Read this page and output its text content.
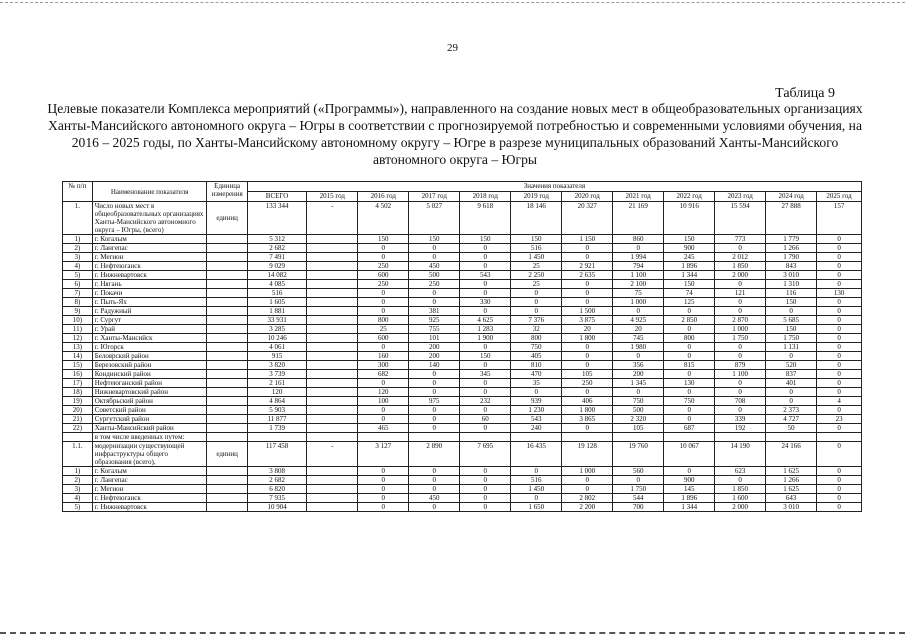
29
Таблица 9
Целевые показатели Комплекса мероприятий («Программы»), направленного на создание новых мест в общеобразовательных организациях Ханты-Мансийского автономного округа – Югры в соответствии с прогнозируемой потребностью и современными условиями обучения, на 2016 – 2025 годы, по Ханты-Мансийскому автономному округу – Югре в разрезе муниципальных образований Ханты-Мансийского автономного округа – Югры
№ п/п	Наименование показателя	Единица измерения	Значения показателя											
			ВСЕГО	2015 год	2016 год	2017 год	2018 год	2019 год	2020 год	2021 год	2022 год	2023 год	2024 год	2025 год
1.	Число новых мест в общеобразовательных организациях Ханты-Мансийского автономного округа – Югры, (всего)	единиц	133 344	-	4 502	5 027	9 618	18 146	20 327	21 169	10 916	15 594	27 888	157
1)	г. Когалым		5 312		150	150	150	150	1 150	860	150	773	1 779	0
2)	г. Лангепас		2 682		0	0	0	516	0	0	900	0	1 266	0
3)	г. Мегион		7 491		0	0	0	1 450	0	1 994	245	2 012	1 790	0
4)	г. Нефтеюганск		9 029		250	450	0	25	2 921	794	1 896	1 850	843	0
5)	г. Нижневартовск		14 082		600	500	543	2 250	2 635	1 100	1 344	2 000	3 010	0
6)	г. Нягань		4 085		250	250	0	25	0	2 100	150	0	1 310	0
7)	г. Покачи		516		0	0	0	0	0	75	74	121	116	130
8)	г. Пыть-Ях		1 605		0	0	330	0	0	1 000	125	0	150	0
9)	г. Радужный		1 881		0	381	0	0	1 500	0	0	0	0	0
10)	г. Сургут		33 931		800	925	4 625	7 376	3 875	4 925	2 850	2 870	5 685	0
11)	г. Урай		3 285		25	755	1 283	32	20	20	0	1 000	150	0
12)	г. Ханты-Мансийск		10 246		600	101	1 900	800	1 800	745	800	1 750	1 750	0
13)	г. Югорск		4 061		0	200	0	750	0	1 980	0	0	1 131	0
14)	Белоярский район		915		160	200	150	405	0	0	0	0	0	0
15)	Березовский район		3 820		300	140	0	810	0	356	815	879	520	0
16)	Кондинский район		3 739		682	0	345	470	105	200	0	1 100	837	0
17)	Нефтеюганский район		2 161		0	0	0	35	250	1 345	130	0	401	0
18)	Нижневартовский район		120		120	0	0	0	0	0	0	0	0	0
19)	Октябрьский район		4 864		100	975	232	939	406	750	750	708	0	4
20)	Советский район		5 903		0	0	0	1 230	1 800	500	0	0	2 373	0
21)	Сургутский район		11 877		0	0	60	543	3 865	2 320	0	339	4 727	23
22)	Ханты-Мансийский район		1 739		465	0	0	240	0	105	687	192	50	0
	в том числе введенных путем:													
1.1.	модернизации существующей инфраструктуры общего образования (всего),	единиц	117 458	-	3 127	2 890	7 695	16 435	19 128	19 760	10 067	14 190	24 166	0
1)	г. Когалым		3 808		0	0	0	0	1 000	560	0	623	1 625	0
2)	г. Лангепас		2 682		0	0	0	516	0	0	900	0	1 266	0
3)	г. Мегион		6 820		0	0	0	1 450	0	1 750	145	1 850	1 625	0
4)	г. Нефтеюганск		7 935		0	450	0	0	2 802	544	1 896	1 600	643	0
5)	г. Нижневартовск		10 904		0	0	0	1 650	2 200	700	1 344	2 000	3 010	0
